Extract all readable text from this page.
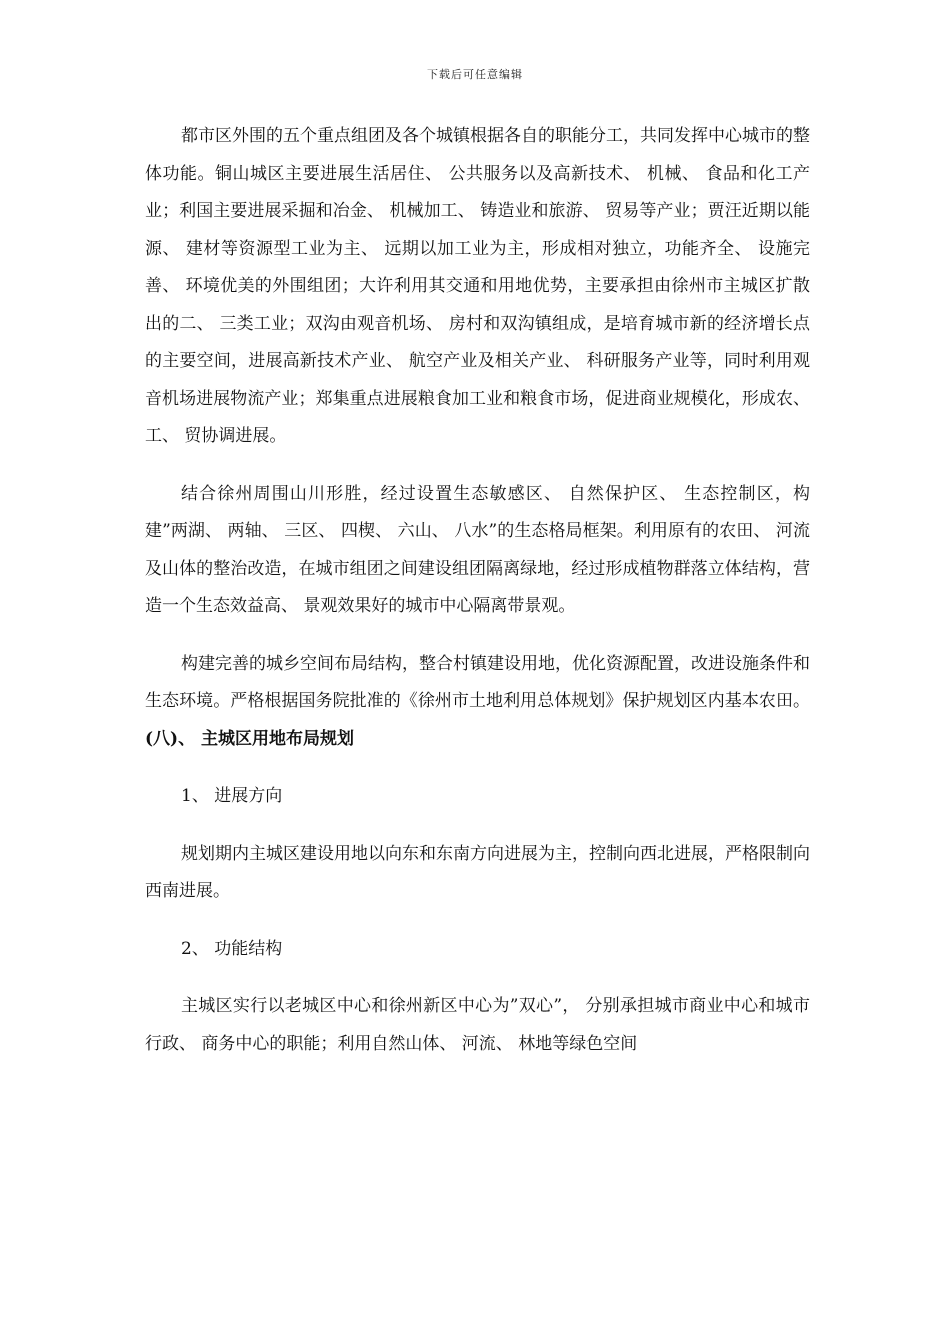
下载后可任意编辑

都市区外围的五个重点组团及各个城镇根据各自的职能分工，共同发挥中心城市的整体功能。铜山城区主要进展生活居住、 公共服务以及高新技术、 机械、 食品和化工产业；利国主要进展采掘和冶金、 机械加工、 铸造业和旅游、 贸易等产业；贾汪近期以能源、 建材等资源型工业为主、 远期以加工业为主，形成相对独立，功能齐全、 设施完善、 环境优美的外围组团；大许利用其交通和用地优势，主要承担由徐州市主城区扩散出的二、 三类工业；双沟由观音机场、 房村和双沟镇组成，是培育城市新的经济增长点的主要空间，进展高新技术产业、 航空产业及相关产业、 科研服务产业等，同时利用观音机场进展物流产业；郑集重点进展粮食加工业和粮食市场，促进商业规模化，形成农、 工、 贸协调进展。

结合徐州周围山川形胜，经过设置生态敏感区、 自然保护区、 生态控制区，构建”两湖、 两轴、 三区、 四楔、 六山、 八水”的生态格局框架。利用原有的农田、 河流及山体的整治改造，在城市组团之间建设组团隔离绿地，经过形成植物群落立体结构，营造一个生态效益高、 景观效果好的城市中心隔离带景观。

构建完善的城乡空间布局结构，整合村镇建设用地，优化资源配置，改进设施条件和生态环境。严格根据国务院批准的《徐州市土地利用总体规划》保护规划区内基本农田。(八)、 主城区用地布局规划

1、 进展方向

规划期内主城区建设用地以向东和东南方向进展为主，控制向西北进展，严格限制向西南进展。

2、 功能结构

主城区实行以老城区中心和徐州新区中心为”双心”， 分别承担城市商业中心和城市行政、 商务中心的职能；利用自然山体、 河流、 林地等绿色空间
